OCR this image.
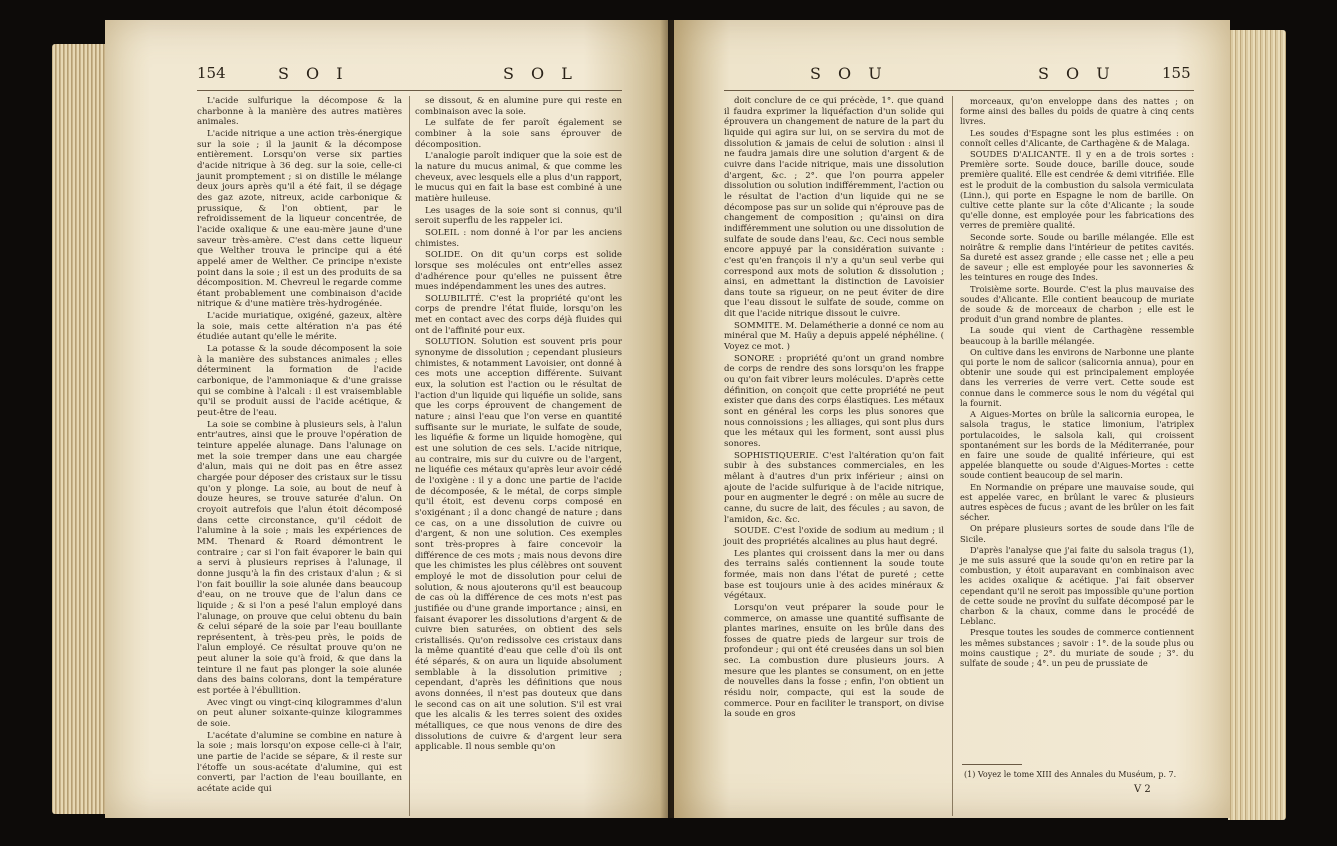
154	S O I	S O L

L'acide sulfurique la décompose & la charbonne à la manière des autres matières animales.

L'acide nitrique a une action très-énergique sur la soie ; il la jaunit & la décompose entièrement. Lorsqu'on verse six parties d'acide nitrique à 36 deg. sur la soie, celle-ci jaunit promptement ; si on distille le mélange deux jours après qu'il a été fait, il se dégage des gaz azote, nitreux, acide carbonique & prussique, & l'on obtient, par le refroidissement de la liqueur concentrée, de l'acide oxalique & une eau-mère jaune d'une saveur très-amère. C'est dans cette liqueur que Welther trouva le principe qui a été appelé amer de Welther. Ce principe n'existe point dans la soie ; il est un des produits de sa décomposition. M. Chevreul le regarde comme étant probablement une combinaison d'acide nitrique & d'une matière très-hydrogénée.

L'acide muriatique, oxigéné, gazeux, altère la soie, mais cette altération n'a pas été étudiée autant qu'elle le mérite.

La potasse & la soude décomposent la soie à la manière des substances animales ; elles déterminent la formation de l'acide carbonique, de l'ammoniaque & d'une graisse qui se combine à l'alcali : il est vraisemblable qu'il se produit aussi de l'acide acétique, & peut-être de l'eau.

La soie se combine à plusieurs sels, à l'alun entr'autres, ainsi que le prouve l'opération de teinture appelée alunage. Dans l'alunage on met la soie tremper dans une eau chargée d'alun, mais qui ne doit pas en être assez chargée pour déposer des cristaux sur le tissu qu'on y plonge. La soie, au bout de neuf à douze heures, se trouve saturée d'alun. On croyoit autrefois que l'alun étoit décomposé dans cette circonstance, qu'il cédoit de l'alumine à la soie ; mais les expériences de MM. Thenard & Roard démontrent le contraire ; car si l'on fait évaporer le bain qui a servi à plusieurs reprises à l'alunage, il donne jusqu'à la fin des cristaux d'alun ; & si l'on fait bouillir la soie alunée dans beaucoup d'eau, on ne trouve que de l'alun dans ce liquide ; & si l'on a pesé l'alun employé dans l'alunage, on prouve que celui obtenu du bain & celui séparé de la soie par l'eau bouillante représentent, à très-peu près, le poids de l'alun employé. Ce résultat prouve qu'on ne peut aluner la soie qu'à froid, & que dans la teinture il ne faut pas plonger la soie alunée dans des bains colorans, dont la température est portée à l'ébullition.

Avec vingt ou vingt-cinq kilogrammes d'alun on peut aluner soixante-quinze kilogrammes de soie.

L'acétate d'alumine se combine en nature à la soie ; mais lorsqu'on expose celle-ci à l'air, une partie de l'acide se sépare, & il reste sur l'étoffe un sous-acétate d'alumine, qui est converti, par l'action de l'eau bouillante, en acétate acide qui

se dissout, & en alumine pure qui reste en combinaison avec la soie.

Le sulfate de fer paroît également se combiner à la soie sans éprouver de décomposition.

L'analogie paroît indiquer que la soie est de la nature du mucus animal, & que comme les cheveux, avec lesquels elle a plus d'un rapport, le mucus qui en fait la base est combiné à une matière huileuse.

Les usages de la soie sont si connus, qu'il seroit superflu de les rappeler ici.

SOLEIL : nom donné à l'or par les anciens chimistes.

SOLIDE. On dit qu'un corps est solide lorsque ses molécules ont entr'elles assez d'adhérence pour qu'elles ne puissent être mues indépendamment les unes des autres.

SOLUBILITÉ. C'est la propriété qu'ont les corps de prendre l'état fluide, lorsqu'on les met en contact avec des corps déjà fluides qui ont de l'affinité pour eux.

SOLUTION. Solution est souvent pris pour synonyme de dissolution ; cependant plusieurs chimistes, & notamment Lavoisier, ont donné à ces mots une acception différente. Suivant eux, la solution est l'action ou le résultat de l'action d'un liquide qui liquéfie un solide, sans que les corps éprouvent de changement de nature ; ainsi l'eau que l'on verse en quantité suffisante sur le muriate, le sulfate de soude, les liquéfie & forme un liquide homogène, qui est une solution de ces sels. L'acide nitrique, au contraire, mis sur du cuivre ou de l'argent, ne liquéfie ces métaux qu'après leur avoir cédé de l'oxigène : il y a donc une partie de l'acide de décomposée, & le métal, de corps simple qu'il étoit, est devenu corps composé en s'oxigénant ; il a donc changé de nature ; dans ce cas, on a une dissolution de cuivre ou d'argent, & non une solution. Ces exemples sont très-propres à faire concevoir la différence de ces mots ; mais nous devons dire que les chimistes les plus célèbres ont souvent employé le mot de dissolution pour celui de solution, & nous ajouterons qu'il est beaucoup de cas où la différence de ces mots n'est pas justifiée ou d'une grande importance ; ainsi, en faisant évaporer les dissolutions d'argent & de cuivre bien saturées, on obtient des sels cristallisés. Qu'on redissolve ces cristaux dans la même quantité d'eau que celle d'où ils ont été séparés, & on aura un liquide absolument semblable à la dissolution primitive ; cependant, d'après les définitions que nous avons données, il n'est pas douteux que dans le second cas on ait une solution. S'il est vrai que les alcalis & les terres soient des oxides métalliques, ce que nous venons de dire des dissolutions de cuivre & d'argent leur sera applicable. Il nous semble qu'on

S O U	S O U	155

doit conclure de ce qui précède, 1°. que quand il faudra exprimer la liquéfaction d'un solide qui éprouvera un changement de nature de la part du liquide qui agira sur lui, on se servira du mot de dissolution & jamais de celui de solution : ainsi il ne faudra jamais dire une solution d'argent & de cuivre dans l'acide nitrique, mais une dissolution d'argent, &c. ; 2°. que l'on pourra appeler dissolution ou solution indifféremment, l'action ou le résultat de l'action d'un liquide qui ne se décompose pas sur un solide qui n'éprouve pas de changement de composition ; qu'ainsi on dira indifféremment une solution ou une dissolution de sulfate de soude dans l'eau, &c. Ceci nous semble encore appuyé par la considération suivante : c'est qu'en françois il n'y a qu'un seul verbe qui correspond aux mots de solution & dissolution ; ainsi, en admettant la distinction de Lavoisier dans toute sa rigueur, on ne peut éviter de dire que l'eau dissout le sulfate de soude, comme on dit que l'acide nitrique dissout le cuivre.

SOMMITE. M. Delamétherie a donné ce nom au minéral que M. Haüy a depuis appelé néphéline. ( Voyez ce mot. )

SONORE : propriété qu'ont un grand nombre de corps de rendre des sons lorsqu'on les frappe ou qu'on fait vibrer leurs molécules. D'après cette définition, on conçoit que cette propriété ne peut exister que dans des corps élastiques. Les métaux sont en général les corps les plus sonores que nous connoissions ; les alliages, qui sont plus durs que les métaux qui les forment, sont aussi plus sonores.

SOPHISTIQUERIE. C'est l'altération qu'on fait subir à des substances commerciales, en les mêlant à d'autres d'un prix inférieur ; ainsi on ajoute de l'acide sulfurique à de l'acide nitrique, pour en augmenter le degré : on mêle au sucre de canne, du sucre de lait, des fécules ; au savon, de l'amidon, &c. &c.

SOUDE. C'est l'oxide de sodium au medium ; il jouit des propriétés alcalines au plus haut degré.

Les plantes qui croissent dans la mer ou dans des terrains salés contiennent la soude toute formée, mais non dans l'état de pureté ; cette base est toujours unie à des acides minéraux & végétaux.

Lorsqu'on veut préparer la soude pour le commerce, on amasse une quantité suffisante de plantes marines, ensuite on les brûle dans des fosses de quatre pieds de largeur sur trois de profondeur ; qui ont été creusées dans un sol bien sec. La combustion dure plusieurs jours. A mesure que les plantes se consument, on en jette de nouvelles dans la fosse ; enfin, l'on obtient un résidu noir, compacte, qui est la soude de commerce. Pour en faciliter le transport, on divise la soude en gros

morceaux, qu'on enveloppe dans des nattes ; on forme ainsi des balles du poids de quatre à cinq cents livres.

Les soudes d'Espagne sont les plus estimées : on connoît celles d'Alicante, de Carthagène & de Malaga.

SOUDES D'ALICANTE. Il y en a de trois sortes : Première sorte. Soude douce, barille douce, soude première qualité. Elle est cendrée & demi vitrifiée. Elle est le produit de la combustion du salsola vermiculata (Linn.), qui porte en Espagne le nom de barille. On cultive cette plante sur la côte d'Alicante ; la soude qu'elle donne, est employée pour les fabrications des verres de première qualité.

Seconde sorte. Soude ou barille mélangée. Elle est noirâtre & remplie dans l'intérieur de petites cavités. Sa dureté est assez grande ; elle casse net ; elle a peu de saveur ; elle est employée pour les savonneries & les teintures en rouge des Indes.

Troisième sorte. Bourde. C'est la plus mauvaise des soudes d'Alicante. Elle contient beaucoup de muriate de soude & de morceaux de charbon ; elle est le produit d'un grand nombre de plantes.

La soude qui vient de Carthagène ressemble beaucoup à la barille mélangée.

On cultive dans les environs de Narbonne une plante qui porte le nom de salicor (salicornia annua), pour en obtenir une soude qui est principalement employée dans les verreries de verre vert. Cette soude est connue dans le commerce sous le nom du végétal qui la fournit.

A Aigues-Mortes on brûle la salicornia europea, le salsola tragus, le statice limonium, l'atriplex portulacoides, le salsola kali, qui croissent spontanément sur les bords de la Méditerranée, pour en faire une soude de qualité inférieure, qui est appelée blanquette ou soude d'Aigues-Mortes : cette soude contient beaucoup de sel marin.

En Normandie on prépare une mauvaise soude, qui est appelée varec, en brûlant le varec & plusieurs autres espèces de fucus ; avant de les brûler on les fait sécher.

On prépare plusieurs sortes de soude dans l'île de Sicile.

D'après l'analyse que j'ai faite du salsola tragus (1), je me suis assuré que la soude qu'on en retire par la combustion, y étoit auparavant en combinaison avec les acides oxalique & acétique. J'ai fait observer cependant qu'il ne seroit pas impossible qu'une portion de cette soude ne provînt du sulfate décomposé par le charbon & la chaux, comme dans le procédé de Leblanc.

Presque toutes les soudes de commerce contiennent les mêmes substances ; savoir : 1°. de la soude plus ou moins caustique ; 2°. du muriate de soude ; 3°. du sulfate de soude ; 4°. un peu de prussiate de

(1) Voyez le tome XIII des Annales du Muséum, p. 7.
V 2
